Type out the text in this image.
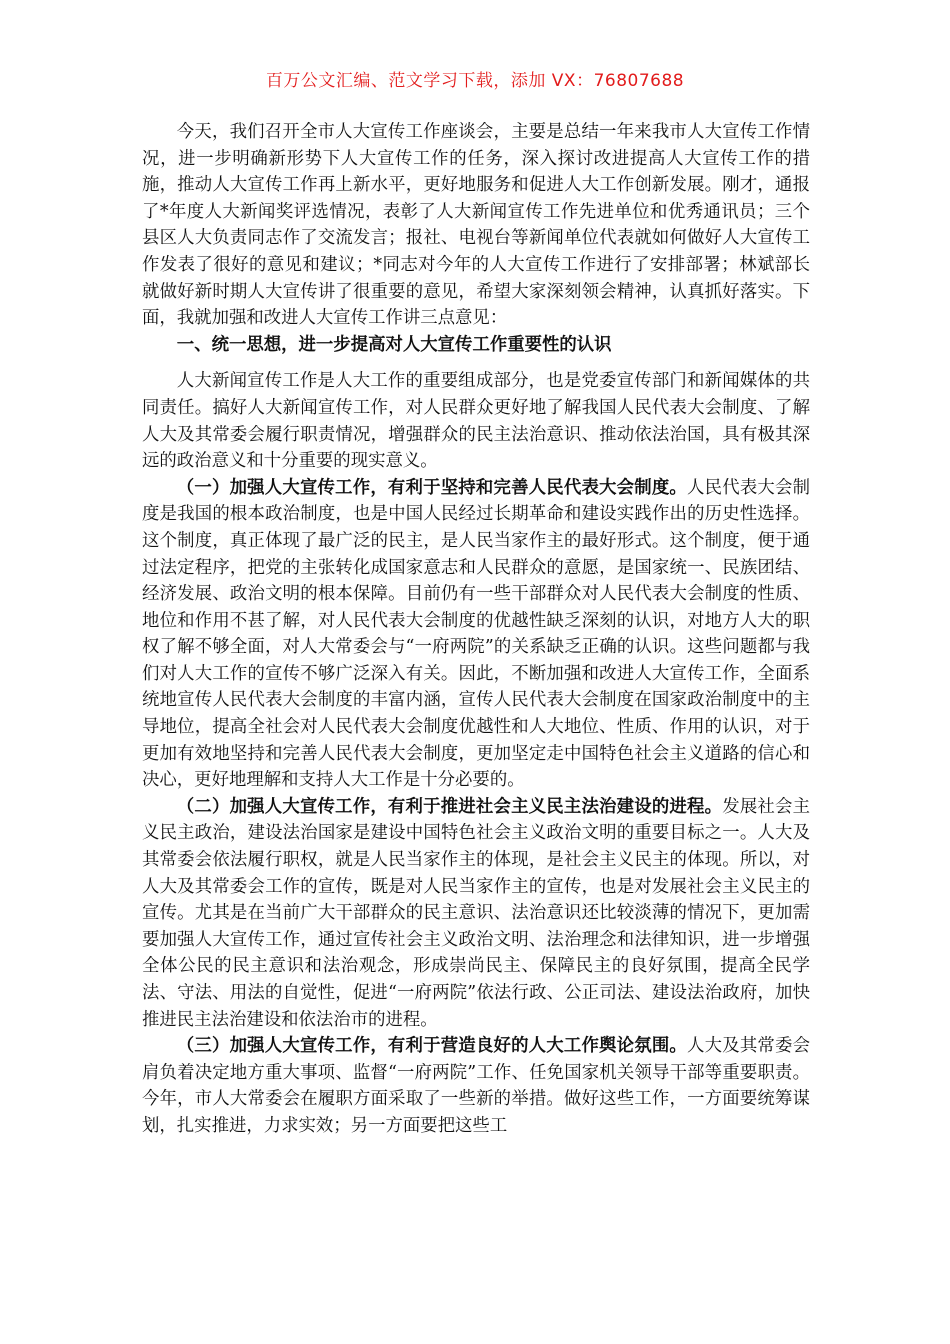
百万公文汇编、范文学习下载，添加 VX：76807688

今天，我们召开全市人大宣传工作座谈会，主要是总结一年来我市人大宣传工作情况，进一步明确新形势下人大宣传工作的任务，深入探讨改进提高人大宣传工作的措施，推动人大宣传工作再上新水平，更好地服务和促进人大工作创新发展。刚才，通报了*年度人大新闻奖评选情况，表彰了人大新闻宣传工作先进单位和优秀通讯员；三个县区人大负责同志作了交流发言；报社、电视台等新闻单位代表就如何做好人大宣传工作发表了很好的意见和建议；*同志对今年的人大宣传工作进行了安排部署；林斌部长就做好新时期人大宣传讲了很重要的意见，希望大家深刻领会精神，认真抓好落实。下面，我就加强和改进人大宣传工作讲三点意见：

一、统一思想，进一步提高对人大宣传工作重要性的认识

人大新闻宣传工作是人大工作的重要组成部分，也是党委宣传部门和新闻媒体的共同责任。搞好人大新闻宣传工作，对人民群众更好地了解我国人民代表大会制度、了解人大及其常委会履行职责情况，增强群众的民主法治意识、推动依法治国，具有极其深远的政治意义和十分重要的现实意义。

（一）加强人大宣传工作，有利于坚持和完善人民代表大会制度。人民代表大会制度是我国的根本政治制度，也是中国人民经过长期革命和建设实践作出的历史性选择。这个制度，真正体现了最广泛的民主，是人民当家作主的最好形式。这个制度，便于通过法定程序，把党的主张转化成国家意志和人民群众的意愿，是国家统一、民族团结、经济发展、政治文明的根本保障。目前仍有一些干部群众对人民代表大会制度的性质、地位和作用不甚了解，对人民代表大会制度的优越性缺乏深刻的认识，对地方人大的职权了解不够全面，对人大常委会与“一府两院”的关系缺乏正确的认识。这些问题都与我们对人大工作的宣传不够广泛深入有关。因此，不断加强和改进人大宣传工作，全面系统地宣传人民代表大会制度的丰富内涵，宣传人民代表大会制度在国家政治制度中的主导地位，提高全社会对人民代表大会制度优越性和人大地位、性质、作用的认识，对于更加有效地坚持和完善人民代表大会制度，更加坚定走中国特色社会主义道路的信心和决心，更好地理解和支持人大工作是十分必要的。

（二）加强人大宣传工作，有利于推进社会主义民主法治建设的进程。发展社会主义民主政治，建设法治国家是建设中国特色社会主义政治文明的重要目标之一。人大及其常委会依法履行职权，就是人民当家作主的体现，是社会主义民主的体现。所以，对人大及其常委会工作的宣传，既是对人民当家作主的宣传，也是对发展社会主义民主的宣传。尤其是在当前广大干部群众的民主意识、法治意识还比较淡薄的情况下，更加需要加强人大宣传工作，通过宣传社会主义政治文明、法治理念和法律知识，进一步增强全体公民的民主意识和法治观念，形成崇尚民主、保障民主的良好氛围，提高全民学法、守法、用法的自觉性，促进“一府两院”依法行政、公正司法、建设法治政府，加快推进民主法治建设和依法治市的进程。

（三）加强人大宣传工作，有利于营造良好的人大工作舆论氛围。人大及其常委会肩负着决定地方重大事项、监督“一府两院”工作、任免国家机关领导干部等重要职责。今年，市人大常委会在履职方面采取了一些新的举措。做好这些工作，一方面要统筹谋划，扎实推进，力求实效；另一方面要把这些工
